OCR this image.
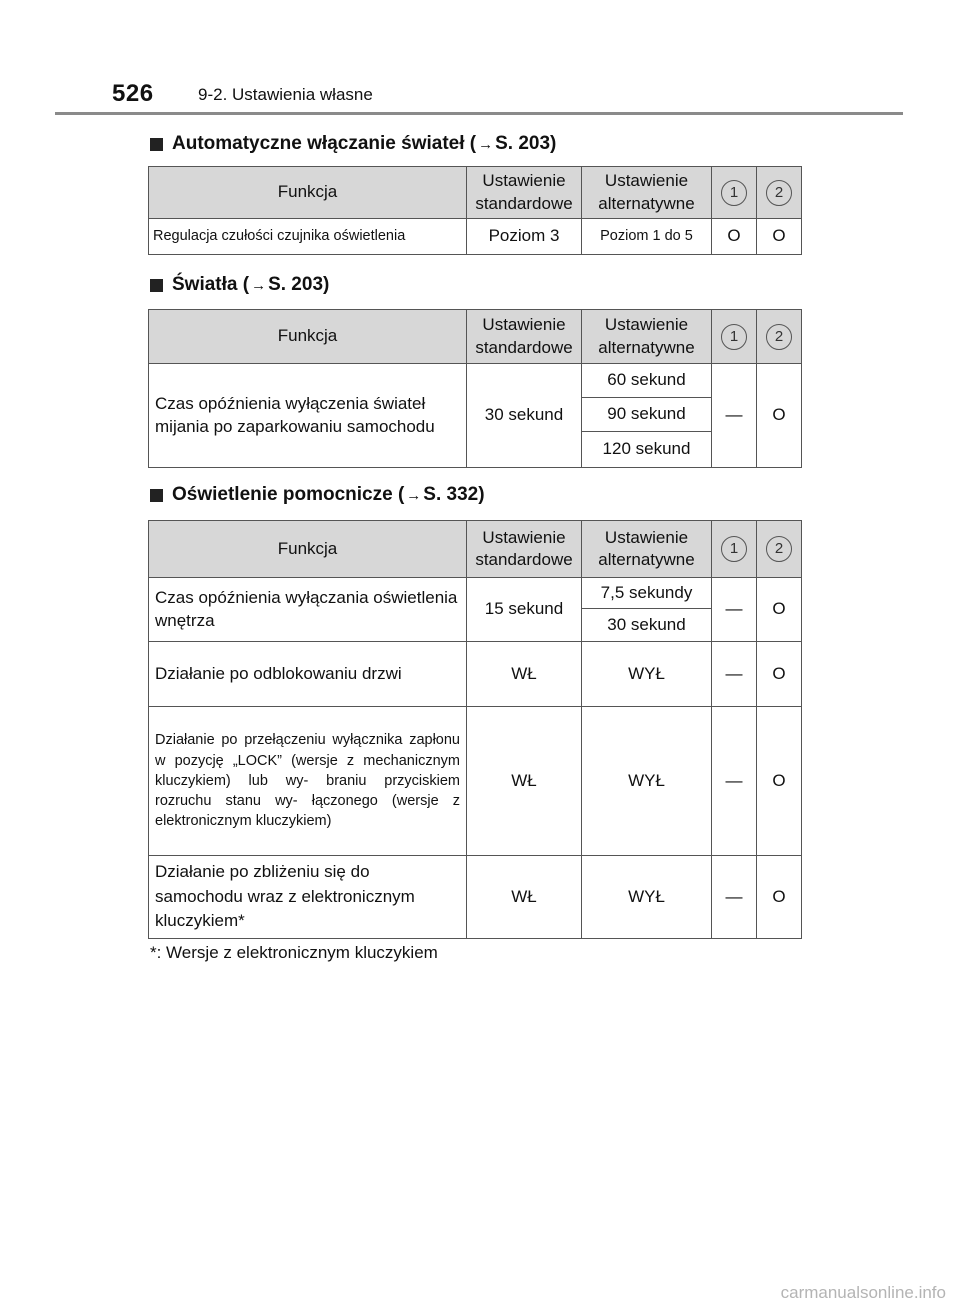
526	9-2. Ustawienia własne
Automatyczne włączanie świateł ( → S. 203)
Funkcja	Ustawienie standardowe	Ustawienie alternatywne	1	2
Regulacja czułości czujnika oświetlenia	Poziom 3	Poziom 1 do 5	O	O
Światła ( → S. 203)
Funkcja	Ustawienie standardowe	Ustawienie alternatywne	1	2
Czas opóźnienia wyłączenia świateł mijania po zaparkowaniu samochodu	30 sekund	60 sekund	—	O
		90 sekund		
		120 sekund		
Oświetlenie pomocnicze ( → S. 332)
Funkcja	Ustawienie standardowe	Ustawienie alternatywne	1	2
Czas opóźnienia wyłączania oświetlenia wnętrza	15 sekund	7,5 sekundy	—	O
		30 sekund		
Działanie po odblokowaniu drzwi	WŁ	WYŁ	—	O
Działanie po przełączeniu wyłącznika zapłonu w pozycję „LOCK” (wersje z mechanicznym kluczykiem) lub wy- braniu przyciskiem rozruchu stanu wy- łączonego (wersje z elektronicznym kluczykiem)	WŁ	WYŁ	—	O
Działanie po zbliżeniu się do samochodu wraz z elektronicznym kluczykiem*	WŁ	WYŁ	—	O
*: Wersje z elektronicznym kluczykiem
carmanualsonline.info
